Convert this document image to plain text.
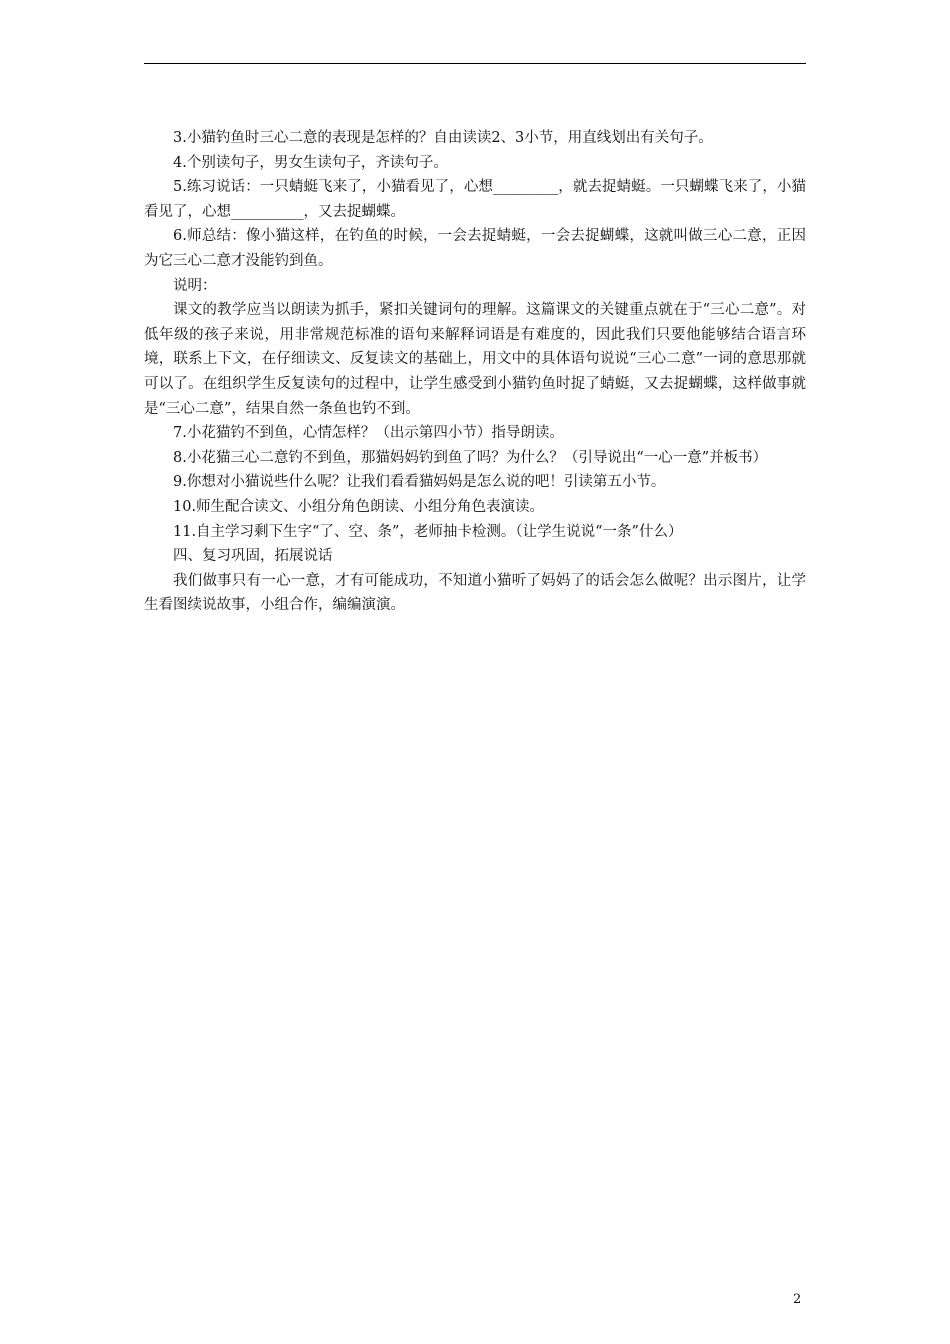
3.小猫钓鱼时三心二意的表现是怎样的？自由读读2、3小节，用直线划出有关句子。

4.个别读句子，男女生读句子，齐读句子。

5.练习说话：一只蜻蜓飞来了，小猫看见了，心想_________，就去捉蜻蜓。一只蝴蝶飞来了，小猫看见了，心想__________，又去捉蝴蝶。

6.师总结：像小猫这样，在钓鱼的时候，一会去捉蜻蜓，一会去捉蝴蝶，这就叫做三心二意，正因为它三心二意才没能钓到鱼。

说明：

课文的教学应当以朗读为抓手，紧扣关键词句的理解。这篇课文的关键重点就在于“三心二意”。对低年级的孩子来说，用非常规范标准的语句来解释词语是有难度的，因此我们只要他能够结合语言环境，联系上下文，在仔细读文、反复读文的基础上，用文中的具体语句说说“三心二意”一词的意思那就可以了。在组织学生反复读句的过程中，让学生感受到小猫钓鱼时捉了蜻蜓，又去捉蝴蝶，这样做事就是“三心二意”，结果自然一条鱼也钓不到。

7.小花猫钓不到鱼，心情怎样？（出示第四小节）指导朗读。

8.小花猫三心二意钓不到鱼，那猫妈妈钓到鱼了吗？为什么？（引导说出“一心一意”并板书）

9.你想对小猫说些什么呢？让我们看看猫妈妈是怎么说的吧！引读第五小节。

10.师生配合读文、小组分角色朗读、小组分角色表演读。

11.自主学习剩下生字“了、空、条”，老师抽卡检测。（让学生说说“一条”什么）

四、复习巩固，拓展说话

我们做事只有一心一意，才有可能成功，不知道小猫听了妈妈了的话会怎么做呢？出示图片，让学生看图续说故事，小组合作，编编演演。

2
